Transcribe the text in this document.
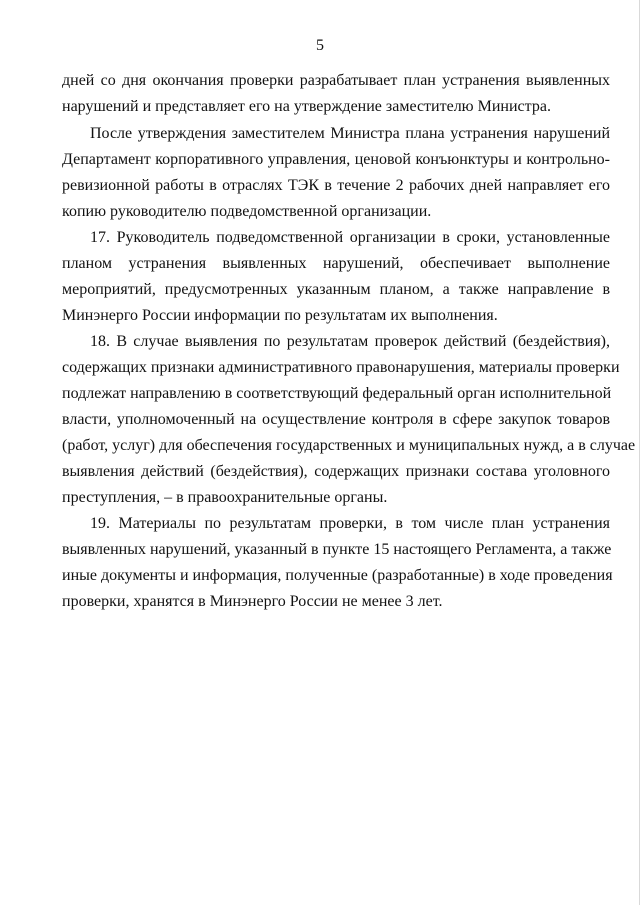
5
дней со дня окончания проверки разрабатывает план устранения выявленных
нарушений и представляет его на утверждение заместителю Министра.
После утверждения заместителем Министра плана устранения нарушений
Департамент корпоративного управления, ценовой конъюнктуры и контрольно-
ревизионной работы в отраслях ТЭК в течение 2 рабочих дней направляет его
копию руководителю подведомственной организации.
17. Руководитель подведомственной организации в сроки, установленные
планом устранения выявленных нарушений, обеспечивает выполнение
мероприятий, предусмотренных указанным планом, а также направление в
Минэнерго России информации по результатам их выполнения.
18. В случае выявления по результатам проверок действий (бездействия),
содержащих признаки административного правонарушения, материалы проверки
подлежат направлению в соответствующий федеральный орган исполнительной
власти, уполномоченный на осуществление контроля в сфере закупок товаров
(работ, услуг) для обеспечения государственных и муниципальных нужд, а в случае
выявления действий (бездействия), содержащих признаки состава уголовного
преступления, – в правоохранительные органы.
19. Материалы по результатам проверки, в том числе план устранения
выявленных нарушений, указанный в пункте 15 настоящего Регламента, а также
иные документы и информация, полученные (разработанные) в ходе проведения
проверки, хранятся в Минэнерго России не менее 3 лет.
